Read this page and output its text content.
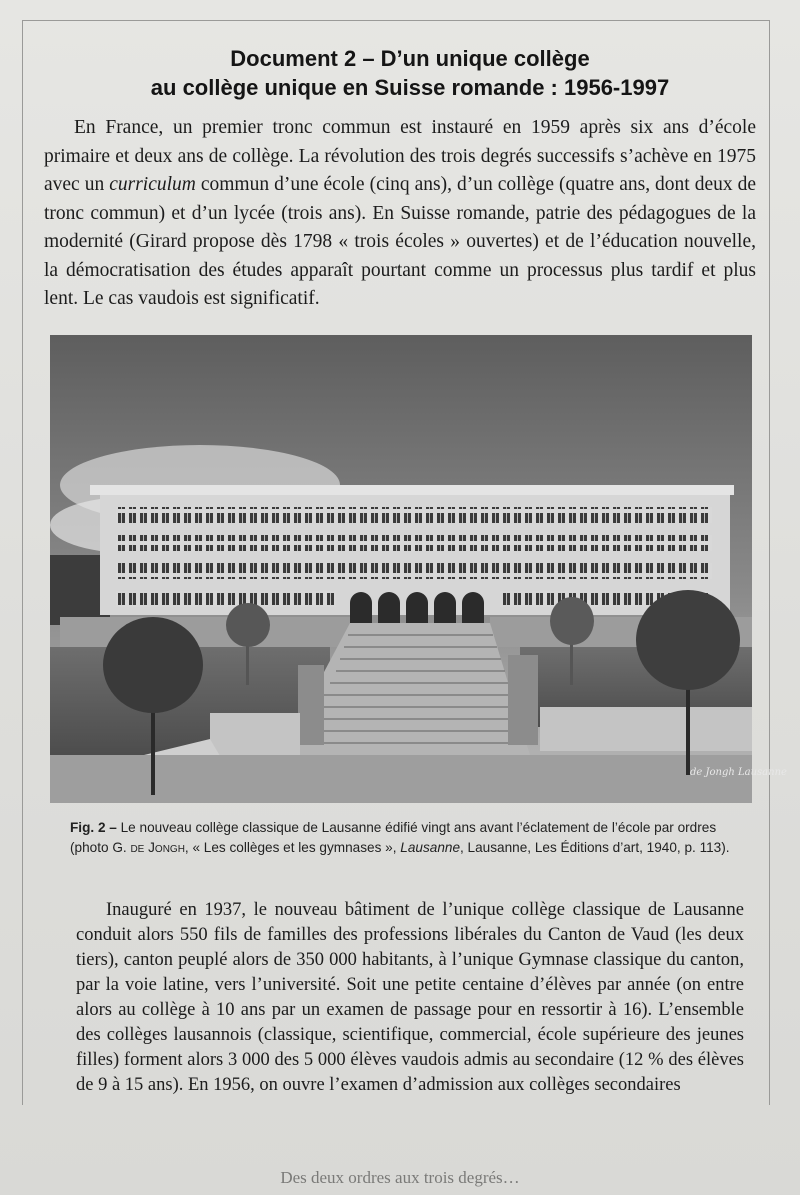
Document 2 – D’un unique collège
au collège unique en Suisse romande : 1956-1997

En France, un premier tronc commun est instauré en 1959 après six ans d’école primaire et deux ans de collège. La révolution des trois degrés successifs s’achève en 1975 avec un curriculum commun d’une école (cinq ans), d’un collège (quatre ans, dont deux de tronc commun) et d’un lycée (trois ans). En Suisse romande, patrie des pédagogues de la modernité (Girard propose dès 1798 « trois écoles » ouvertes) et de l’éducation nouvelle, la démocratisation des études apparaît pourtant comme un processus plus tardif et plus lent. Le cas vaudois est significatif.

de Jongh Lausanne

Fig. 2 – Le nouveau collège classique de Lausanne édifié vingt ans avant l’éclatement de l’école par ordres (photo G. de Jongh, « Les collèges et les gymnases », Lausanne, Lausanne, Les Éditions d’art, 1940, p. 113).

Inauguré en 1937, le nouveau bâtiment de l’unique collège classique de Lausanne conduit alors 550 fils de familles des professions libérales du Canton de Vaud (les deux tiers), canton peuplé alors de 350 000 habitants, à l’unique Gymnase classique du canton, par la voie latine, vers l’université. Soit une petite centaine d’élèves par année (on entre alors au collège à 10 ans par un examen de passage pour en ressortir à 16). L’ensemble des collèges lausannois (classique, scientifique, commercial, école supérieure des jeunes filles) forment alors 3 000 des 5 000 élèves vaudois admis au secondaire (12 % des élèves de 9 à 15 ans). En 1956, on ouvre l’examen d’admission aux collèges secondaires

Des deux ordres aux trois degrés…
